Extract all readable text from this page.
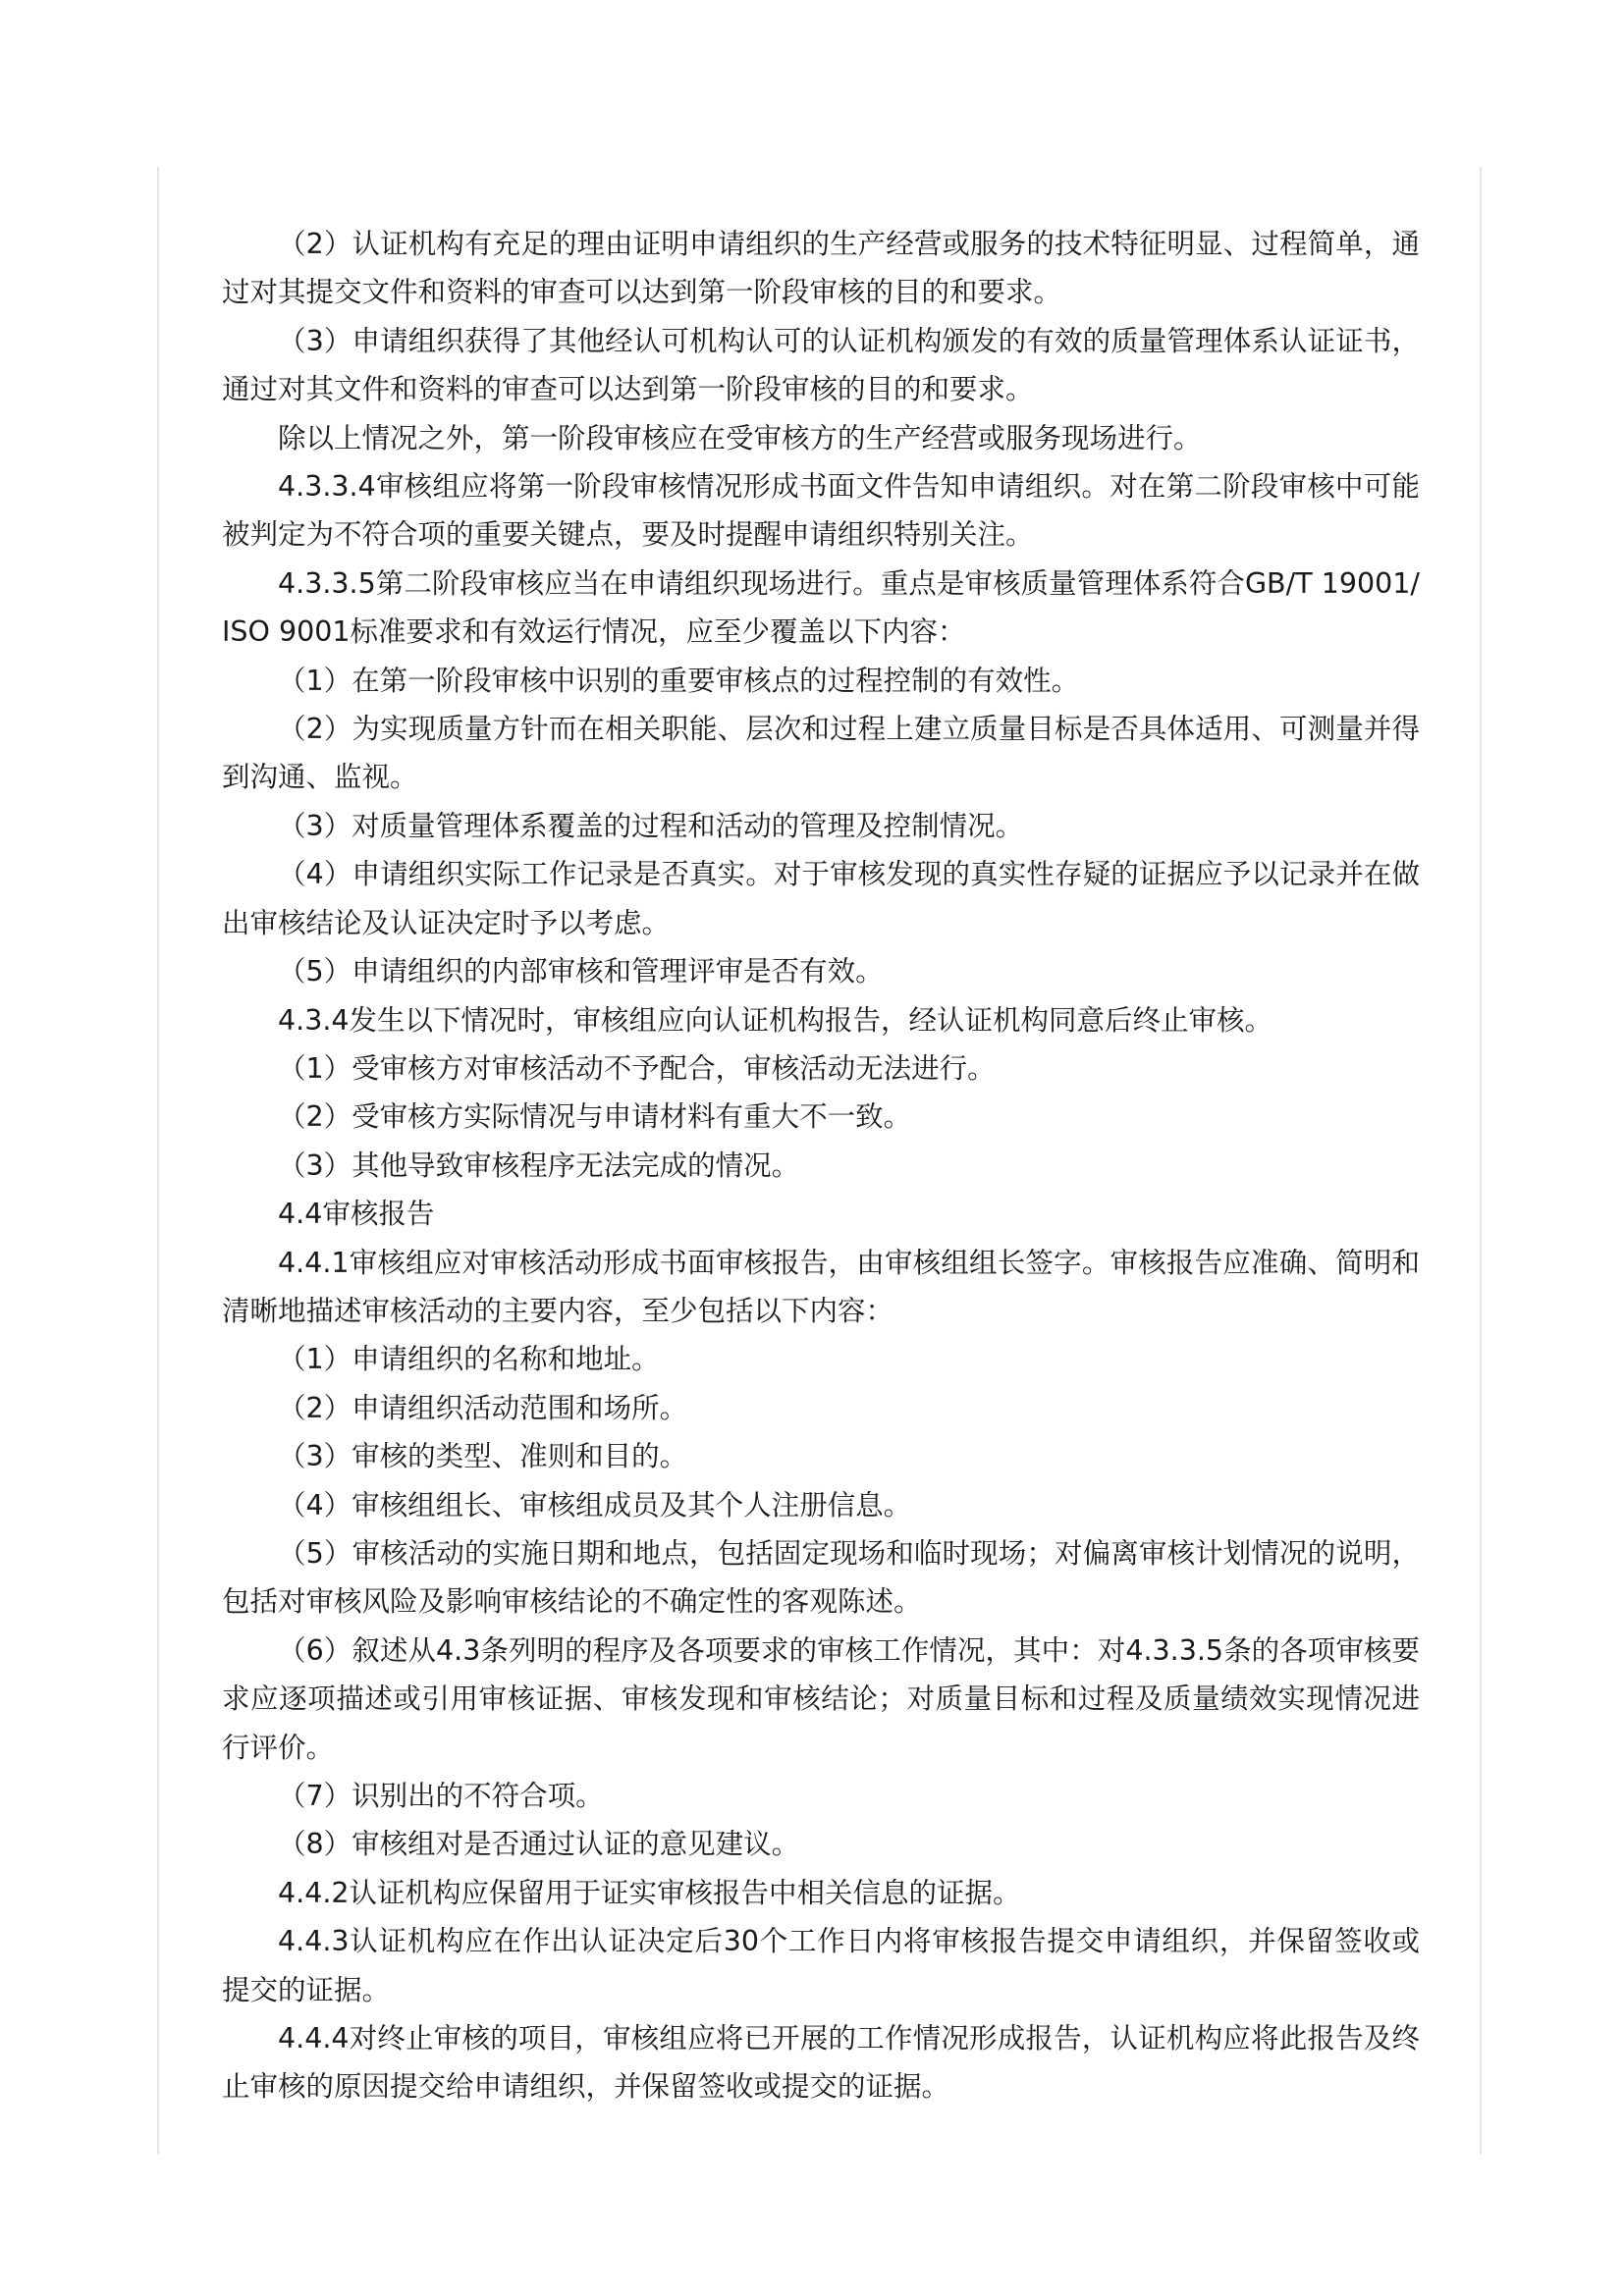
（2）认证机构有充足的理由证明申请组织的生产经营或服务的技术特征明显、过程简单，通过对其提交文件和资料的审查可以达到第一阶段审核的目的和要求。

（3）申请组织获得了其他经认可机构认可的认证机构颁发的有效的质量管理体系认证证书，通过对其文件和资料的审查可以达到第一阶段审核的目的和要求。

除以上情况之外，第一阶段审核应在受审核方的生产经营或服务现场进行。

4.3.3.4审核组应将第一阶段审核情况形成书面文件告知申请组织。对在第二阶段审核中可能被判定为不符合项的重要关键点，要及时提醒申请组织特别关注。

4.3.3.5第二阶段审核应当在申请组织现场进行。重点是审核质量管理体系符合GB/T 19001/ISO 9001标准要求和有效运行情况，应至少覆盖以下内容：

（1）在第一阶段审核中识别的重要审核点的过程控制的有效性。

（2）为实现质量方针而在相关职能、层次和过程上建立质量目标是否具体适用、可测量并得到沟通、监视。

（3）对质量管理体系覆盖的过程和活动的管理及控制情况。

（4）申请组织实际工作记录是否真实。对于审核发现的真实性存疑的证据应予以记录并在做出审核结论及认证决定时予以考虑。

（5）申请组织的内部审核和管理评审是否有效。

4.3.4发生以下情况时，审核组应向认证机构报告，经认证机构同意后终止审核。

（1）受审核方对审核活动不予配合，审核活动无法进行。

（2）受审核方实际情况与申请材料有重大不一致。

（3）其他导致审核程序无法完成的情况。

4.4审核报告

4.4.1审核组应对审核活动形成书面审核报告，由审核组组长签字。审核报告应准确、简明和清晰地描述审核活动的主要内容，至少包括以下内容：

（1）申请组织的名称和地址。

（2）申请组织活动范围和场所。

（3）审核的类型、准则和目的。

（4）审核组组长、审核组成员及其个人注册信息。

（5）审核活动的实施日期和地点，包括固定现场和临时现场；对偏离审核计划情况的说明，包括对审核风险及影响审核结论的不确定性的客观陈述。

（6）叙述从4.3条列明的程序及各项要求的审核工作情况，其中：对4.3.3.5条的各项审核要求应逐项描述或引用审核证据、审核发现和审核结论；对质量目标和过程及质量绩效实现情况进行评价。

（7）识别出的不符合项。

（8）审核组对是否通过认证的意见建议。

4.4.2认证机构应保留用于证实审核报告中相关信息的证据。

4.4.3认证机构应在作出认证决定后30个工作日内将审核报告提交申请组织，并保留签收或提交的证据。

4.4.4对终止审核的项目，审核组应将已开展的工作情况形成报告，认证机构应将此报告及终止审核的原因提交给申请组织，并保留签收或提交的证据。
